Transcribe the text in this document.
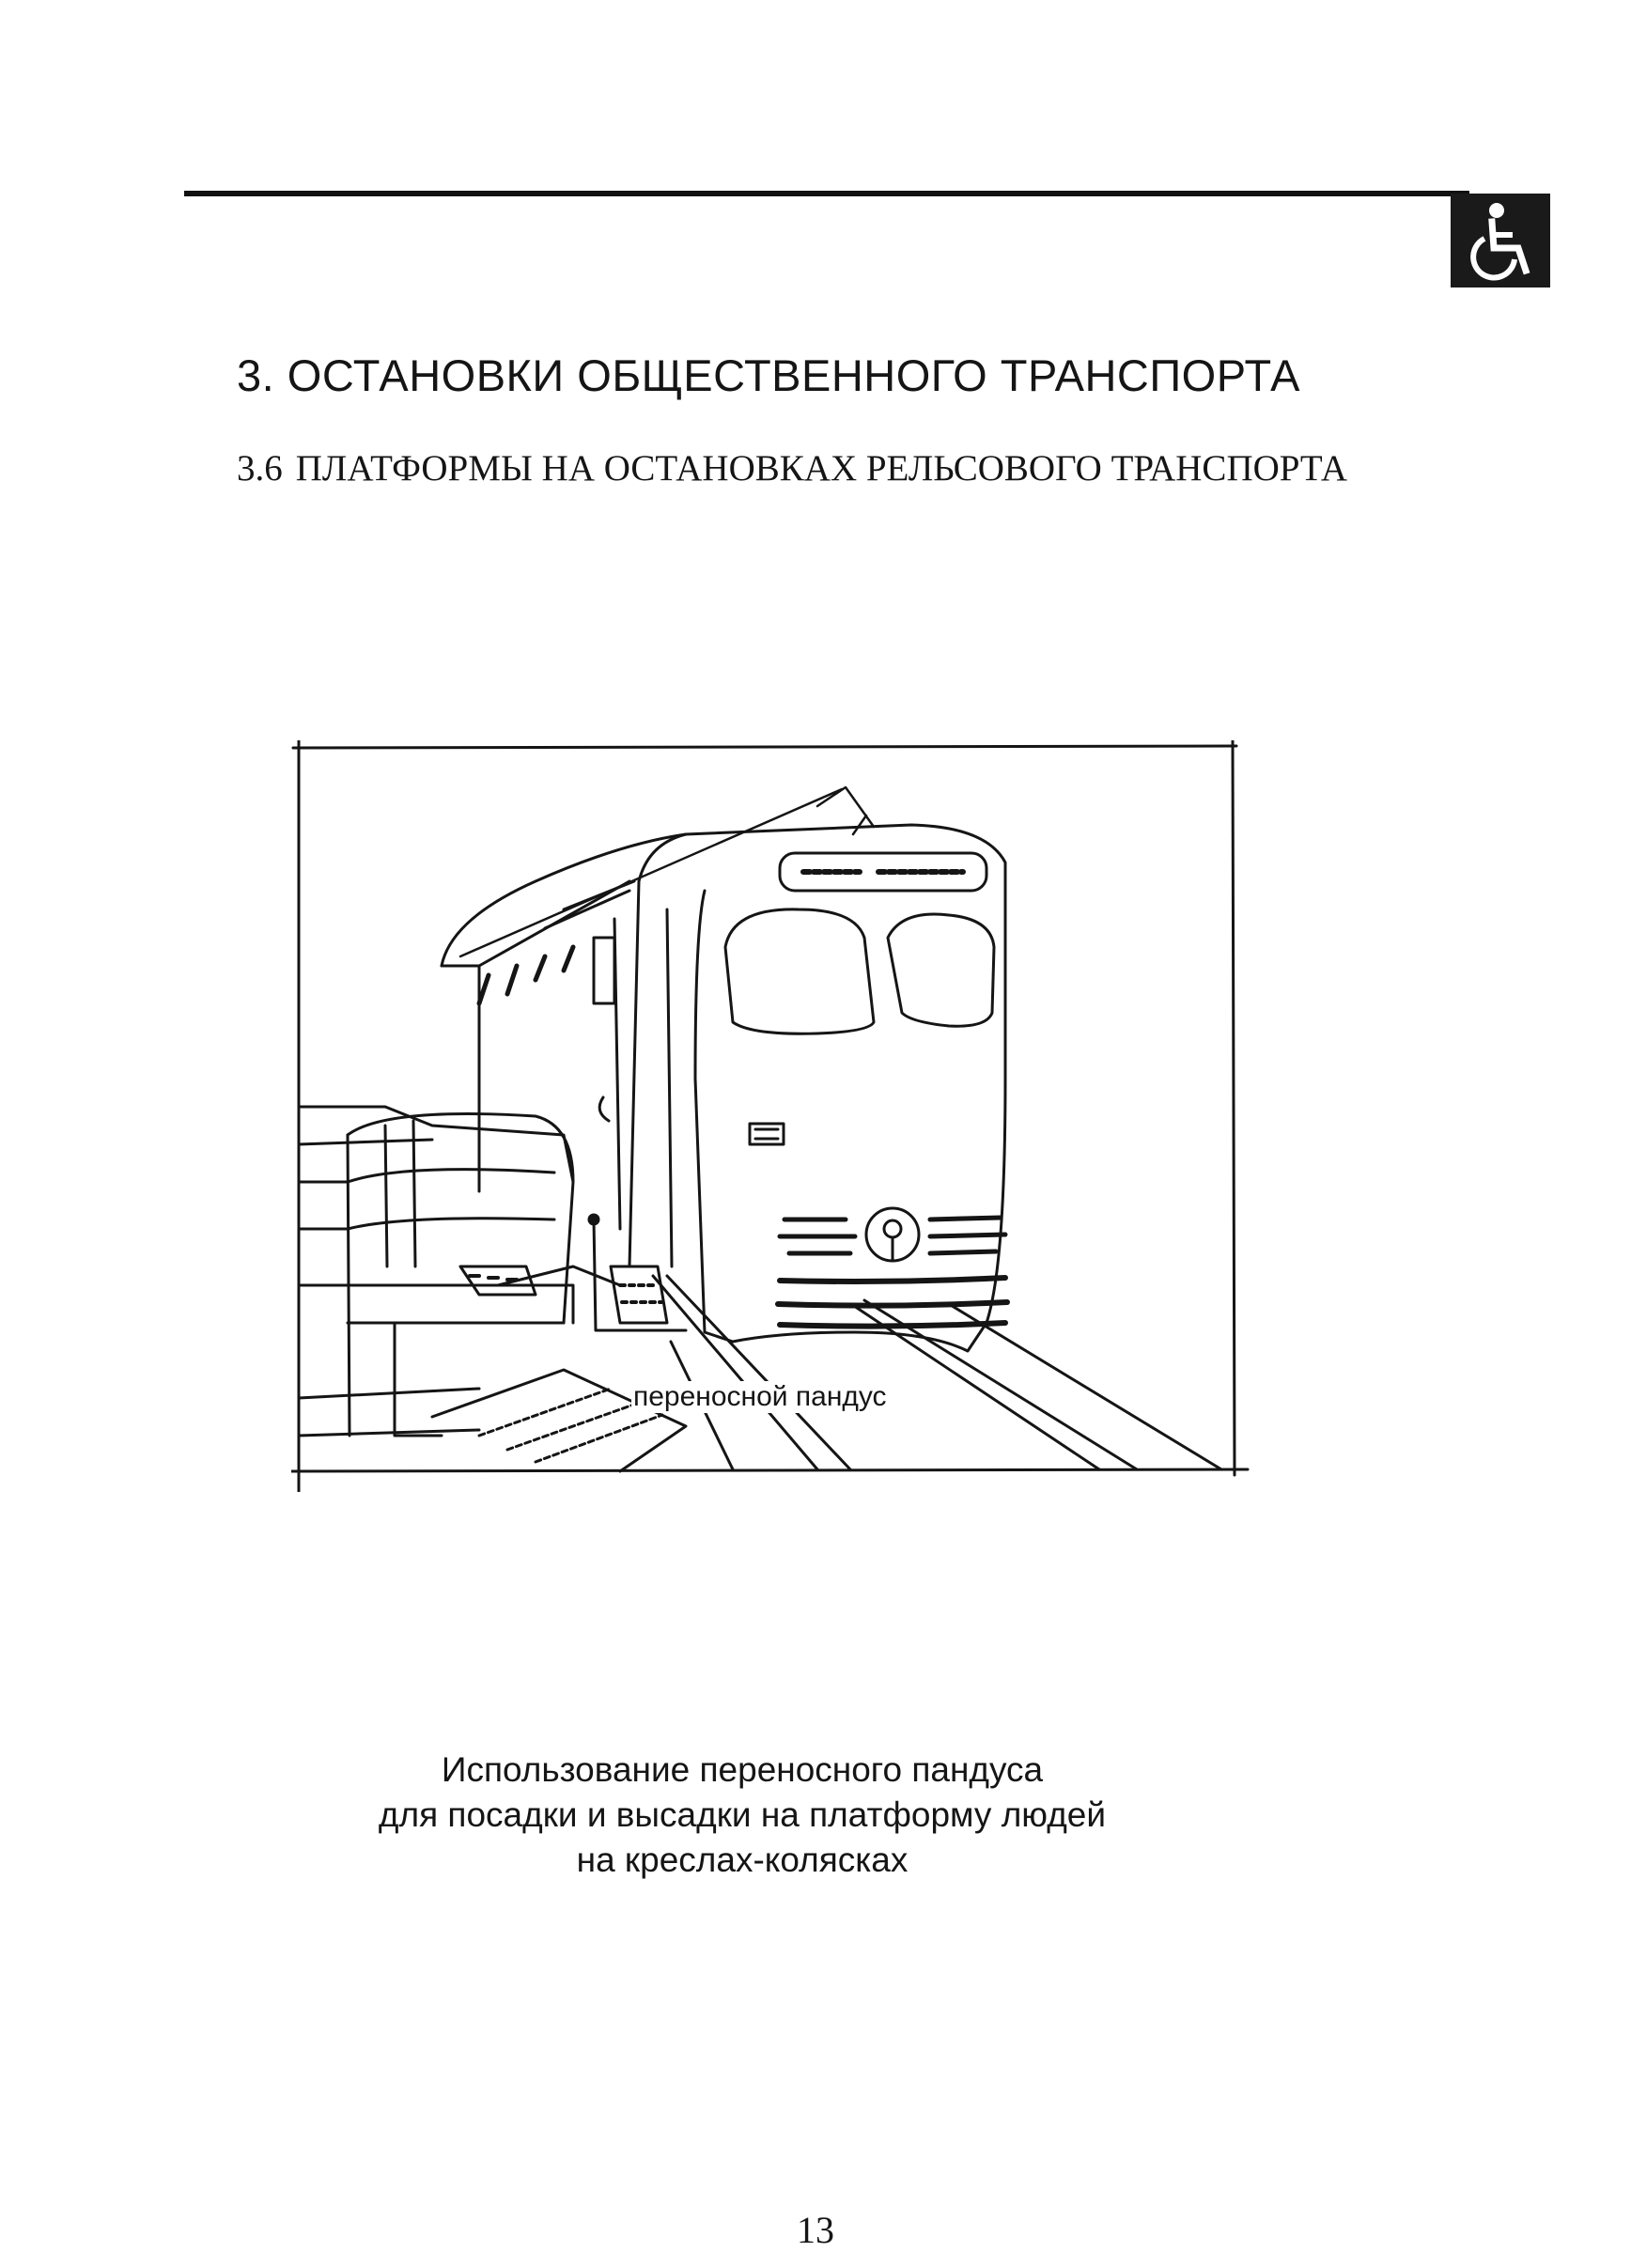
3. ОСТАНОВКИ ОБЩЕСТВЕННОГО ТРАНСПОРТА
3.6 ПЛАТФОРМЫ НА ОСТАНОВКАХ РЕЛЬСОВОГО ТРАНСПОРТА
переносной пандус
Использование переносного пандуса
для посадки и высадки на платформу людей
на креслах-колясках
13
